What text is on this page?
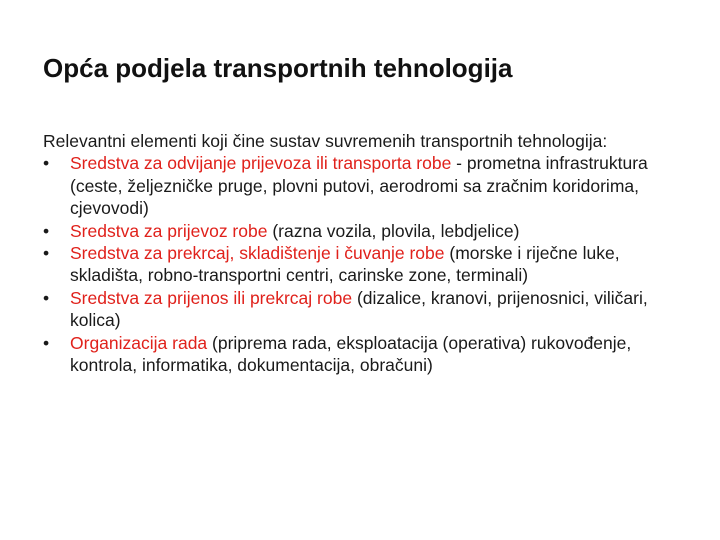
Opća podjela transportnih tehnologija
Relevantni elementi koji čine sustav suvremenih transportnih tehnologija:
• Sredstva za odvijanje prijevoza ili transporta robe - prometna infrastruktura (ceste, željezničke pruge, plovni putovi, aerodromi sa zračnim koridorima, cjevovodi)
• Sredstva za prijevoz robe (razna vozila, plovila, lebdjelice)
• Sredstva za prekrcaj, skladištenje i čuvanje robe (morske i riječne luke, skladišta, robno-transportni centri, carinske zone, terminali)
• Sredstva za prijenos ili prekrcaj robe (dizalice, kranovi, prijenosnici, viličari, kolica)
• Organizacija rada (priprema rada, eksploatacija (operativa) rukovođenje, kontrola, informatika, dokumentacija, obračuni)
